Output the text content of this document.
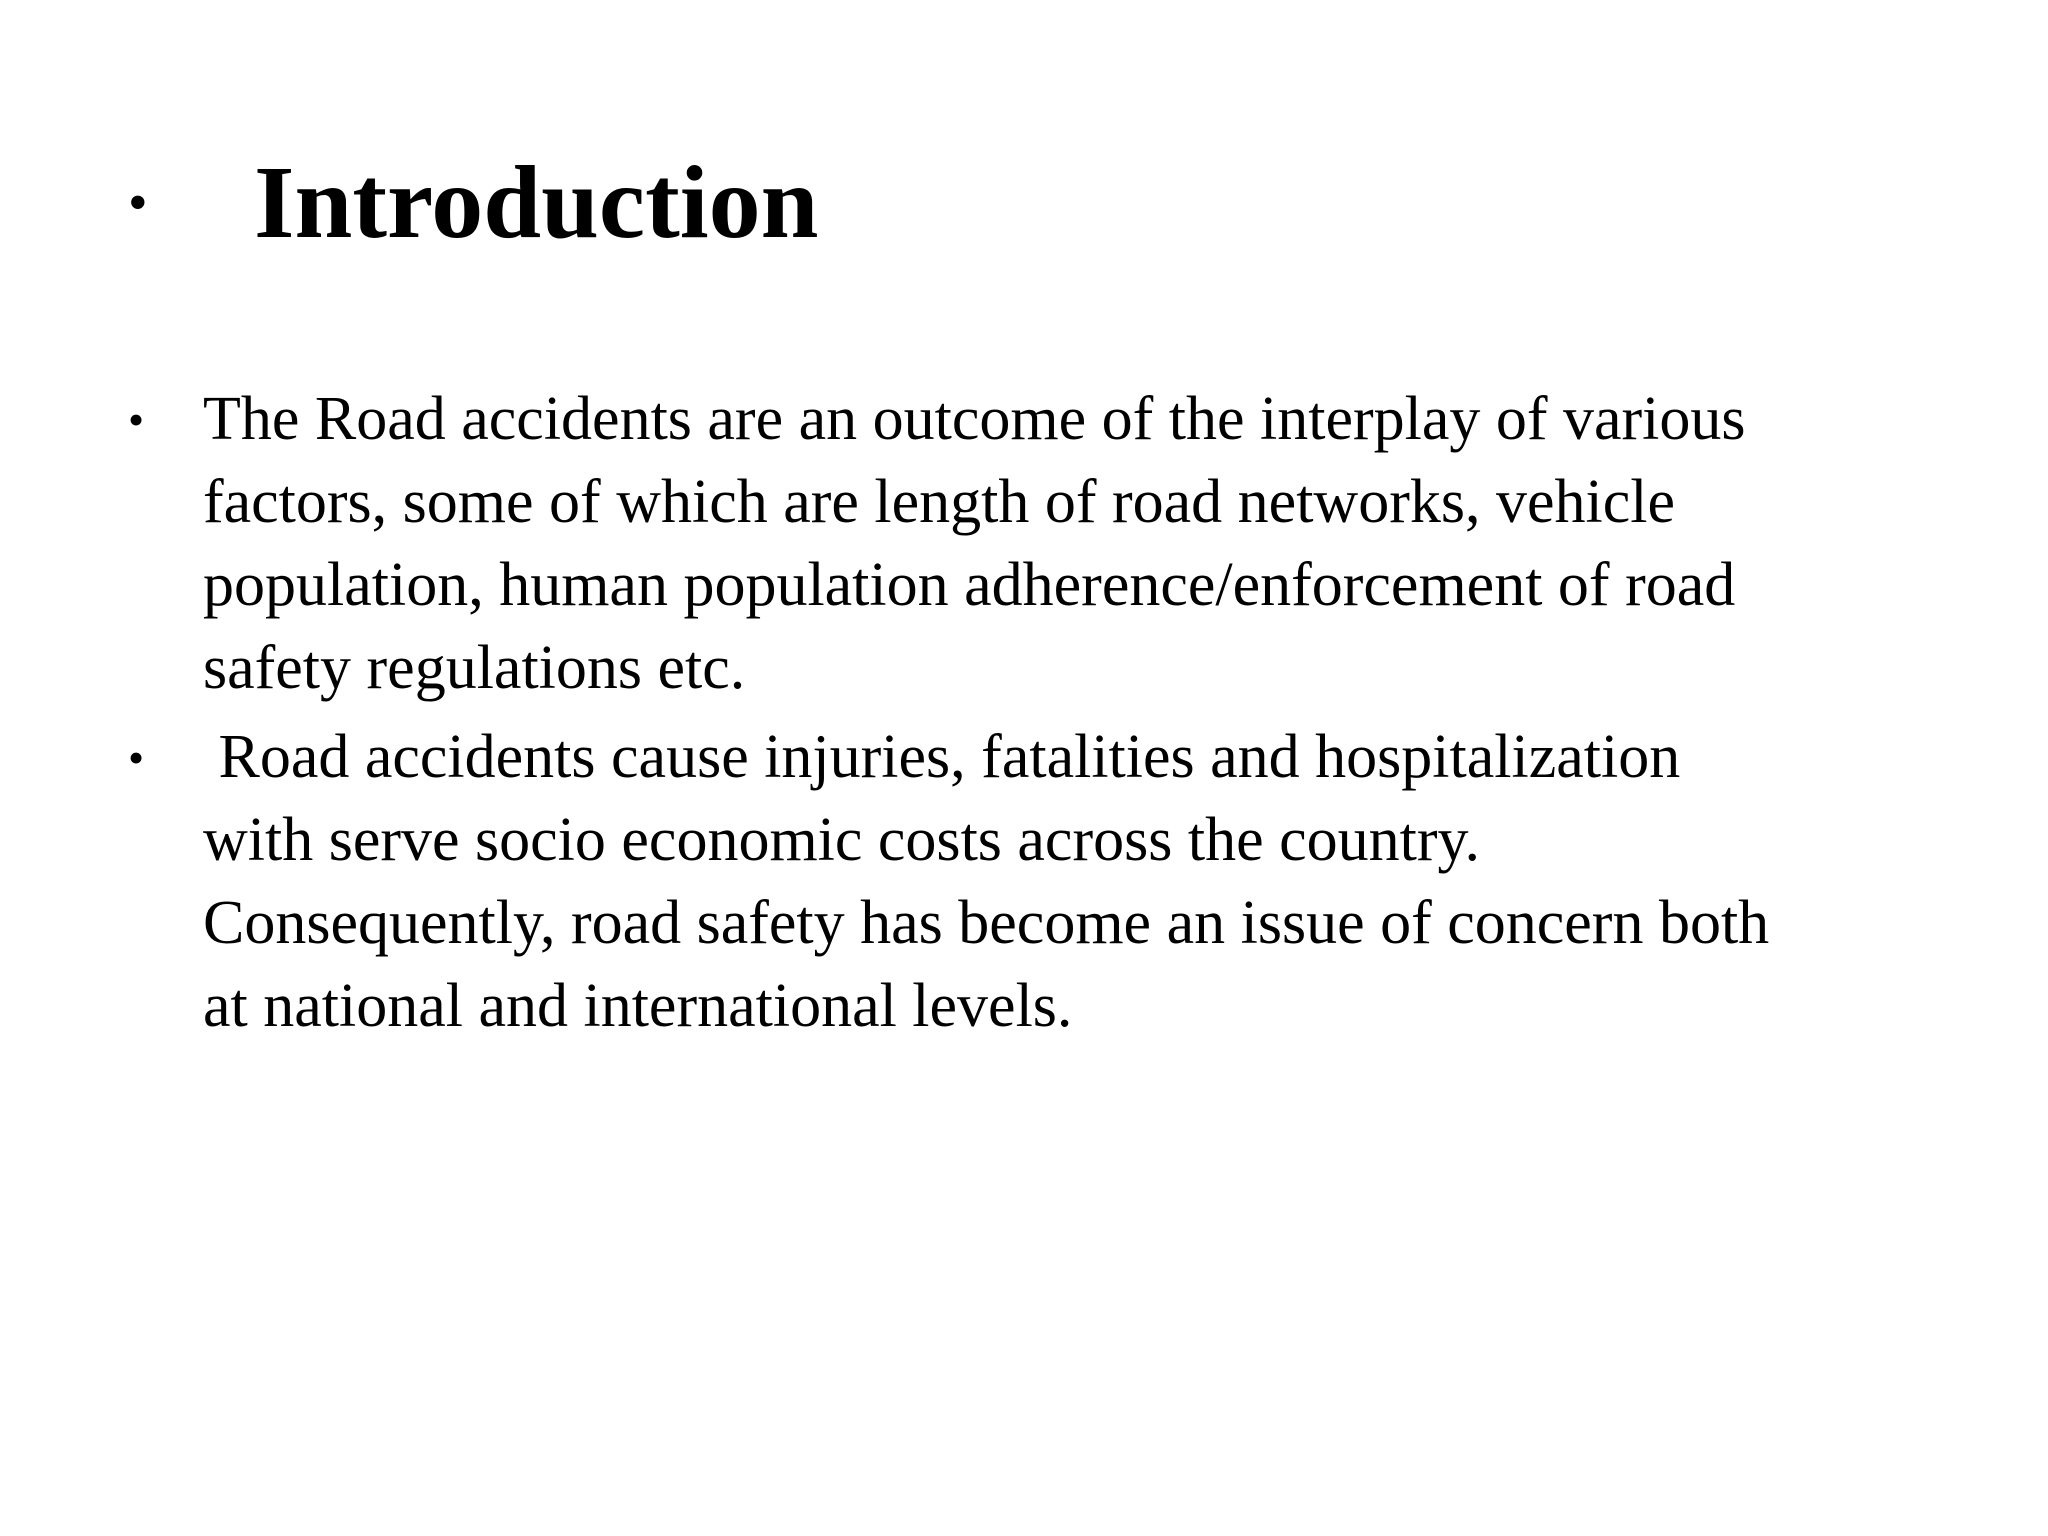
•	Introduction
• The Road accidents are an outcome of the interplay of various
factors, some of which are length of road networks, vehicle
population, human population adherence/enforcement of road
safety regulations etc.
• Road accidents cause injuries, fatalities and hospitalization
with serve socio economic costs across the country.
Consequently, road safety has become an issue of concern both
at national and international levels.
